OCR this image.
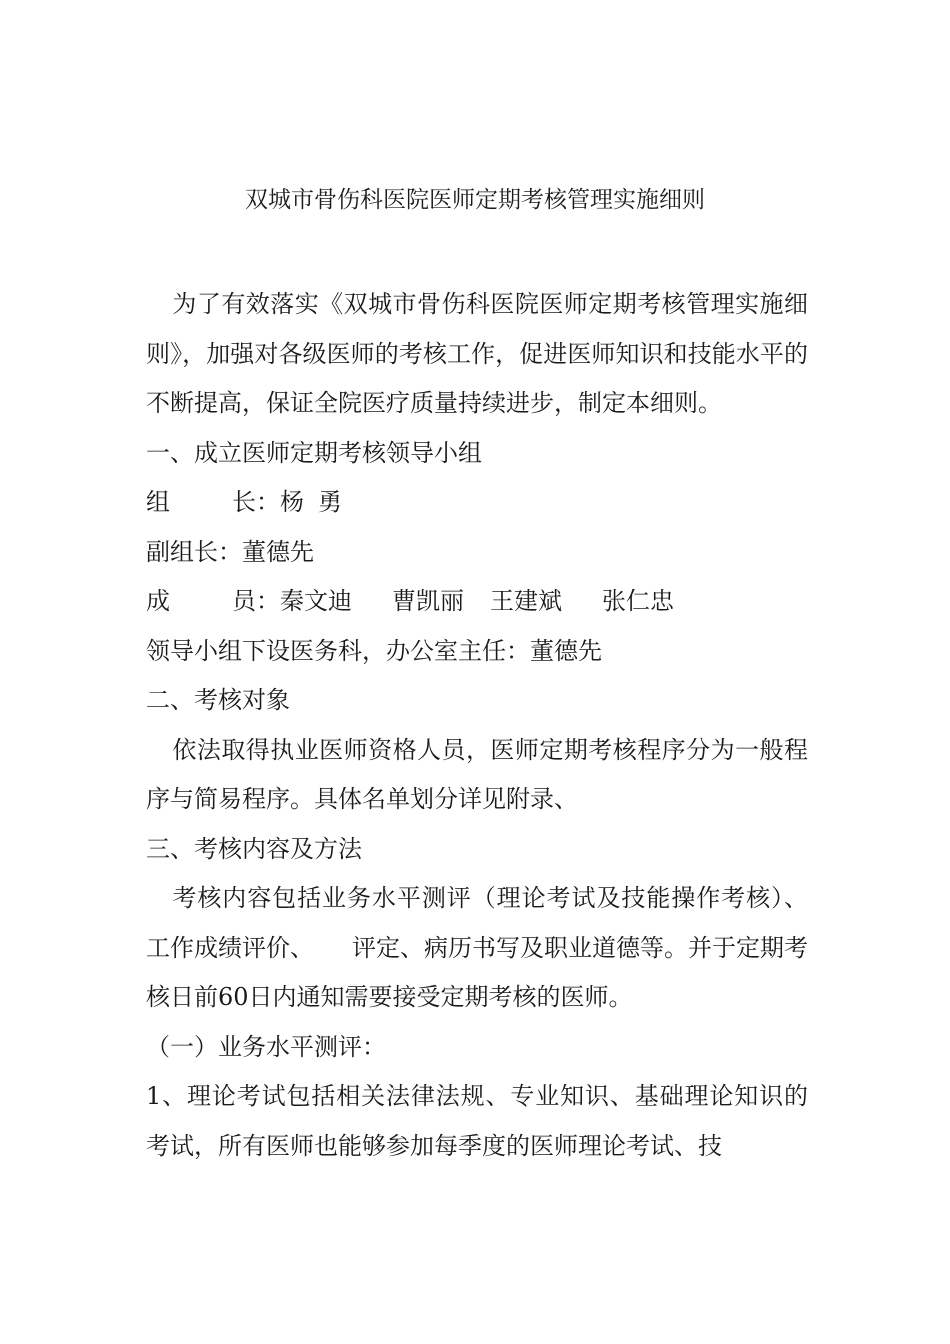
双城市骨伤科医院医师定期考核管理实施细则

为了有效落实《双城市骨伤科医院医师定期考核管理实施细则》，加强对各级医师的考核工作，促进医师知识和技能水平的不断提高，保证全院医疗质量持续进步，制定本细则。

一、成立医师定期考核领导小组

组	长：杨 勇

副组长：董德先

成	员：秦文迪 曹凯丽 王建斌 张仁忠

领导小组下设医务科，办公室主任：董德先

二、考核对象

依法取得执业医师资格人员，医师定期考核程序分为一般程序与简易程序。具体名单划分详见附录、

三、考核内容及方法

考核内容包括业务水平测评（理论考试及技能操作考核）、工作成绩评价、 评定、病历书写及职业道德等。并于定期考核日前60日内通知需要接受定期考核的医师。

（一）业务水平测评：

1、理论考试包括相关法律法规、专业知识、基础理论知识的考试，所有医师也能够参加每季度的医师理论考试、技
